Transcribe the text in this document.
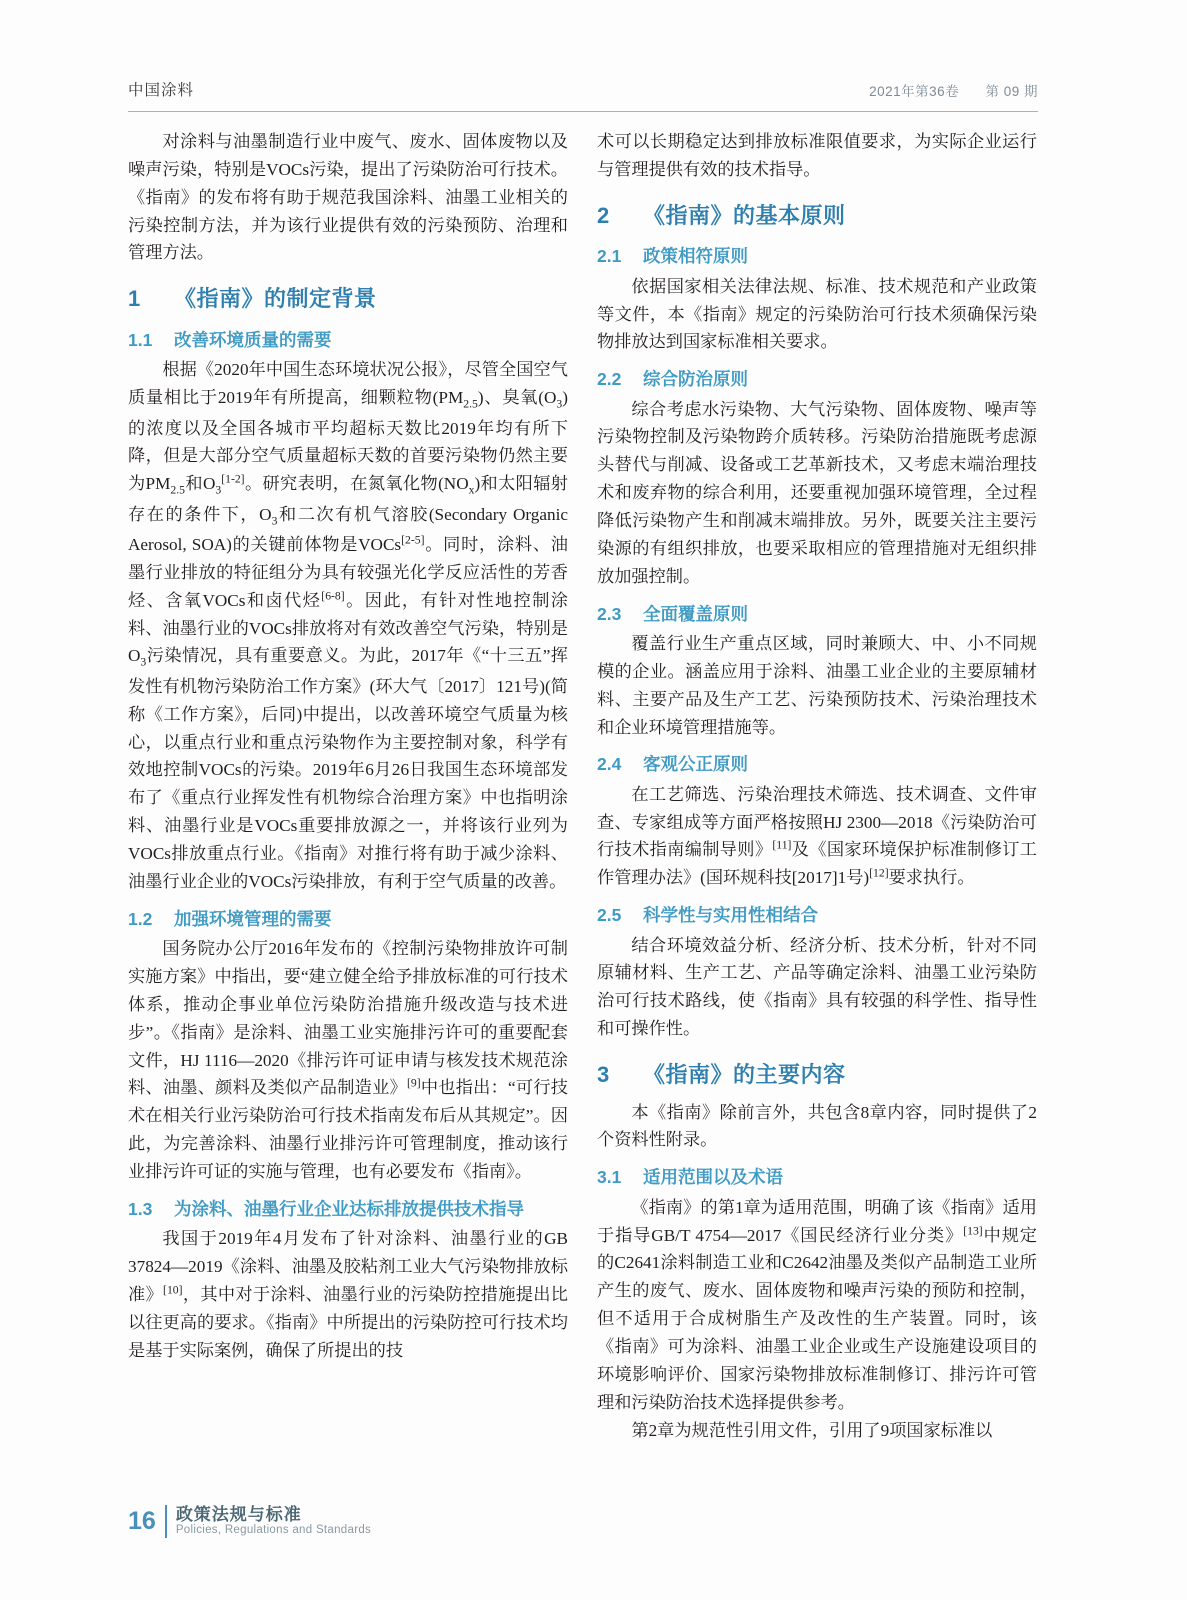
中国涂料	2021年第36卷 第 09 期

对涂料与油墨制造行业中废气、废水、固体废物以及噪声污染，特别是VOCs污染，提出了污染防治可行技术。《指南》的发布将有助于规范我国涂料、油墨工业相关的污染控制方法，并为该行业提供有效的污染预防、治理和管理方法。

1	《指南》的制定背景
1.1	改善环境质量的需要

根据《2020年中国生态环境状况公报》，尽管全国空气质量相比于2019年有所提高，细颗粒物$(PM_{2.5})$、臭氧$(O_3)$的浓度以及全国各城市平均超标天数比2019年均有所下降，但是大部分空气质量超标天数的首要污染物仍然主要为$PM_{2.5}$和$O_3[1-2]$。研究表明，在氮氧化物$(NO_x)$和太阳辐射存在的条件下，$O_3$和二次有机气溶胶(Secondary Organic Aerosol, SOA)的关键前体物是VOCs[2-5]。同时，涂料、油墨行业排放的特征组分为具有较强光化学反应活性的芳香烃、含氧VOCs和卤代烃[6-8]。因此，有针对性地控制涂料、油墨行业的VOCs排放将对有效改善空气污染，特别是$O_3$污染情况，具有重要意义。为此，2017年《“十三五”挥发性有机物污染防治工作方案》(环大气〔2017〕121号)(简称《工作方案》，后同)中提出，以改善环境空气质量为核心，以重点行业和重点污染物作为主要控制对象，科学有效地控制VOCs的污染。2019年6月26日我国生态环境部发布了《重点行业挥发性有机物综合治理方案》中也指明涂料、油墨行业是VOCs重要排放源之一，并将该行业列为VOCs排放重点行业。《指南》对推行将有助于减少涂料、油墨行业企业的VOCs污染排放，有利于空气质量的改善。

1.2	加强环境管理的需要

国务院办公厅2016年发布的《控制污染物排放许可制实施方案》中指出，要“建立健全给予排放标准的可行技术体系，推动企事业单位污染防治措施升级改造与技术进步”。《指南》是涂料、油墨工业实施排污许可的重要配套文件，HJ 1116—2020《排污许可证申请与核发技术规范涂料、油墨、颜料及类似产品制造业》[9]中也指出：“可行技术在相关行业污染防治可行技术指南发布后从其规定”。因此，为完善涂料、油墨行业排污许可管理制度，推动该行业排污许可证的实施与管理，也有必要发布《指南》。

1.3	为涂料、油墨行业企业达标排放提供技术指导

我国于2019年4月发布了针对涂料、油墨行业的GB 37824—2019《涂料、油墨及胶粘剂工业大气污染物排放标准》[10]，其中对于涂料、油墨行业的污染防控措施提出比以往更高的要求。《指南》中所提出的污染防控可行技术均是基于实际案例，确保了所提出的技

术可以长期稳定达到排放标准限值要求，为实际企业运行与管理提供有效的技术指导。

2	《指南》的基本原则
2.1	政策相符原则

依据国家相关法律法规、标准、技术规范和产业政策等文件，本《指南》规定的污染防治可行技术须确保污染物排放达到国家标准相关要求。

2.2	综合防治原则

综合考虑水污染物、大气污染物、固体废物、噪声等污染物控制及污染物跨介质转移。污染防治措施既考虑源头替代与削减、设备或工艺革新技术，又考虑末端治理技术和废弃物的综合利用，还要重视加强环境管理，全过程降低污染物产生和削减末端排放。另外，既要关注主要污染源的有组织排放，也要采取相应的管理措施对无组织排放加强控制。

2.3	全面覆盖原则

覆盖行业生产重点区域，同时兼顾大、中、小不同规模的企业。涵盖应用于涂料、油墨工业企业的主要原辅材料、主要产品及生产工艺、污染预防技术、污染治理技术和企业环境管理措施等。

2.4	客观公正原则

在工艺筛选、污染治理技术筛选、技术调查、文件审查、专家组成等方面严格按照HJ 2300—2018《污染防治可行技术指南编制导则》[11]及《国家环境保护标准制修订工作管理办法》(国环规科技[2017]1号)[12]要求执行。

2.5	科学性与实用性相结合

结合环境效益分析、经济分析、技术分析，针对不同原辅材料、生产工艺、产品等确定涂料、油墨工业污染防治可行技术路线，使《指南》具有较强的科学性、指导性和可操作性。

3	《指南》的主要内容

本《指南》除前言外，共包含8章内容，同时提供了2个资料性附录。

3.1	适用范围以及术语

《指南》的第1章为适用范围，明确了该《指南》适用于指导GB/T 4754—2017《国民经济行业分类》[13]中规定的C2641涂料制造工业和C2642油墨及类似产品制造工业所产生的废气、废水、固体废物和噪声污染的预防和控制，但不适用于合成树脂生产及改性的生产装置。同时，该《指南》可为涂料、油墨工业企业或生产设施建设项目的环境影响评价、国家污染物排放标准制修订、排污许可管理和污染防治技术选择提供参考。

第2章为规范性引用文件，引用了9项国家标准以

16	政策法规与标准
Policies, Regulations and Standards
